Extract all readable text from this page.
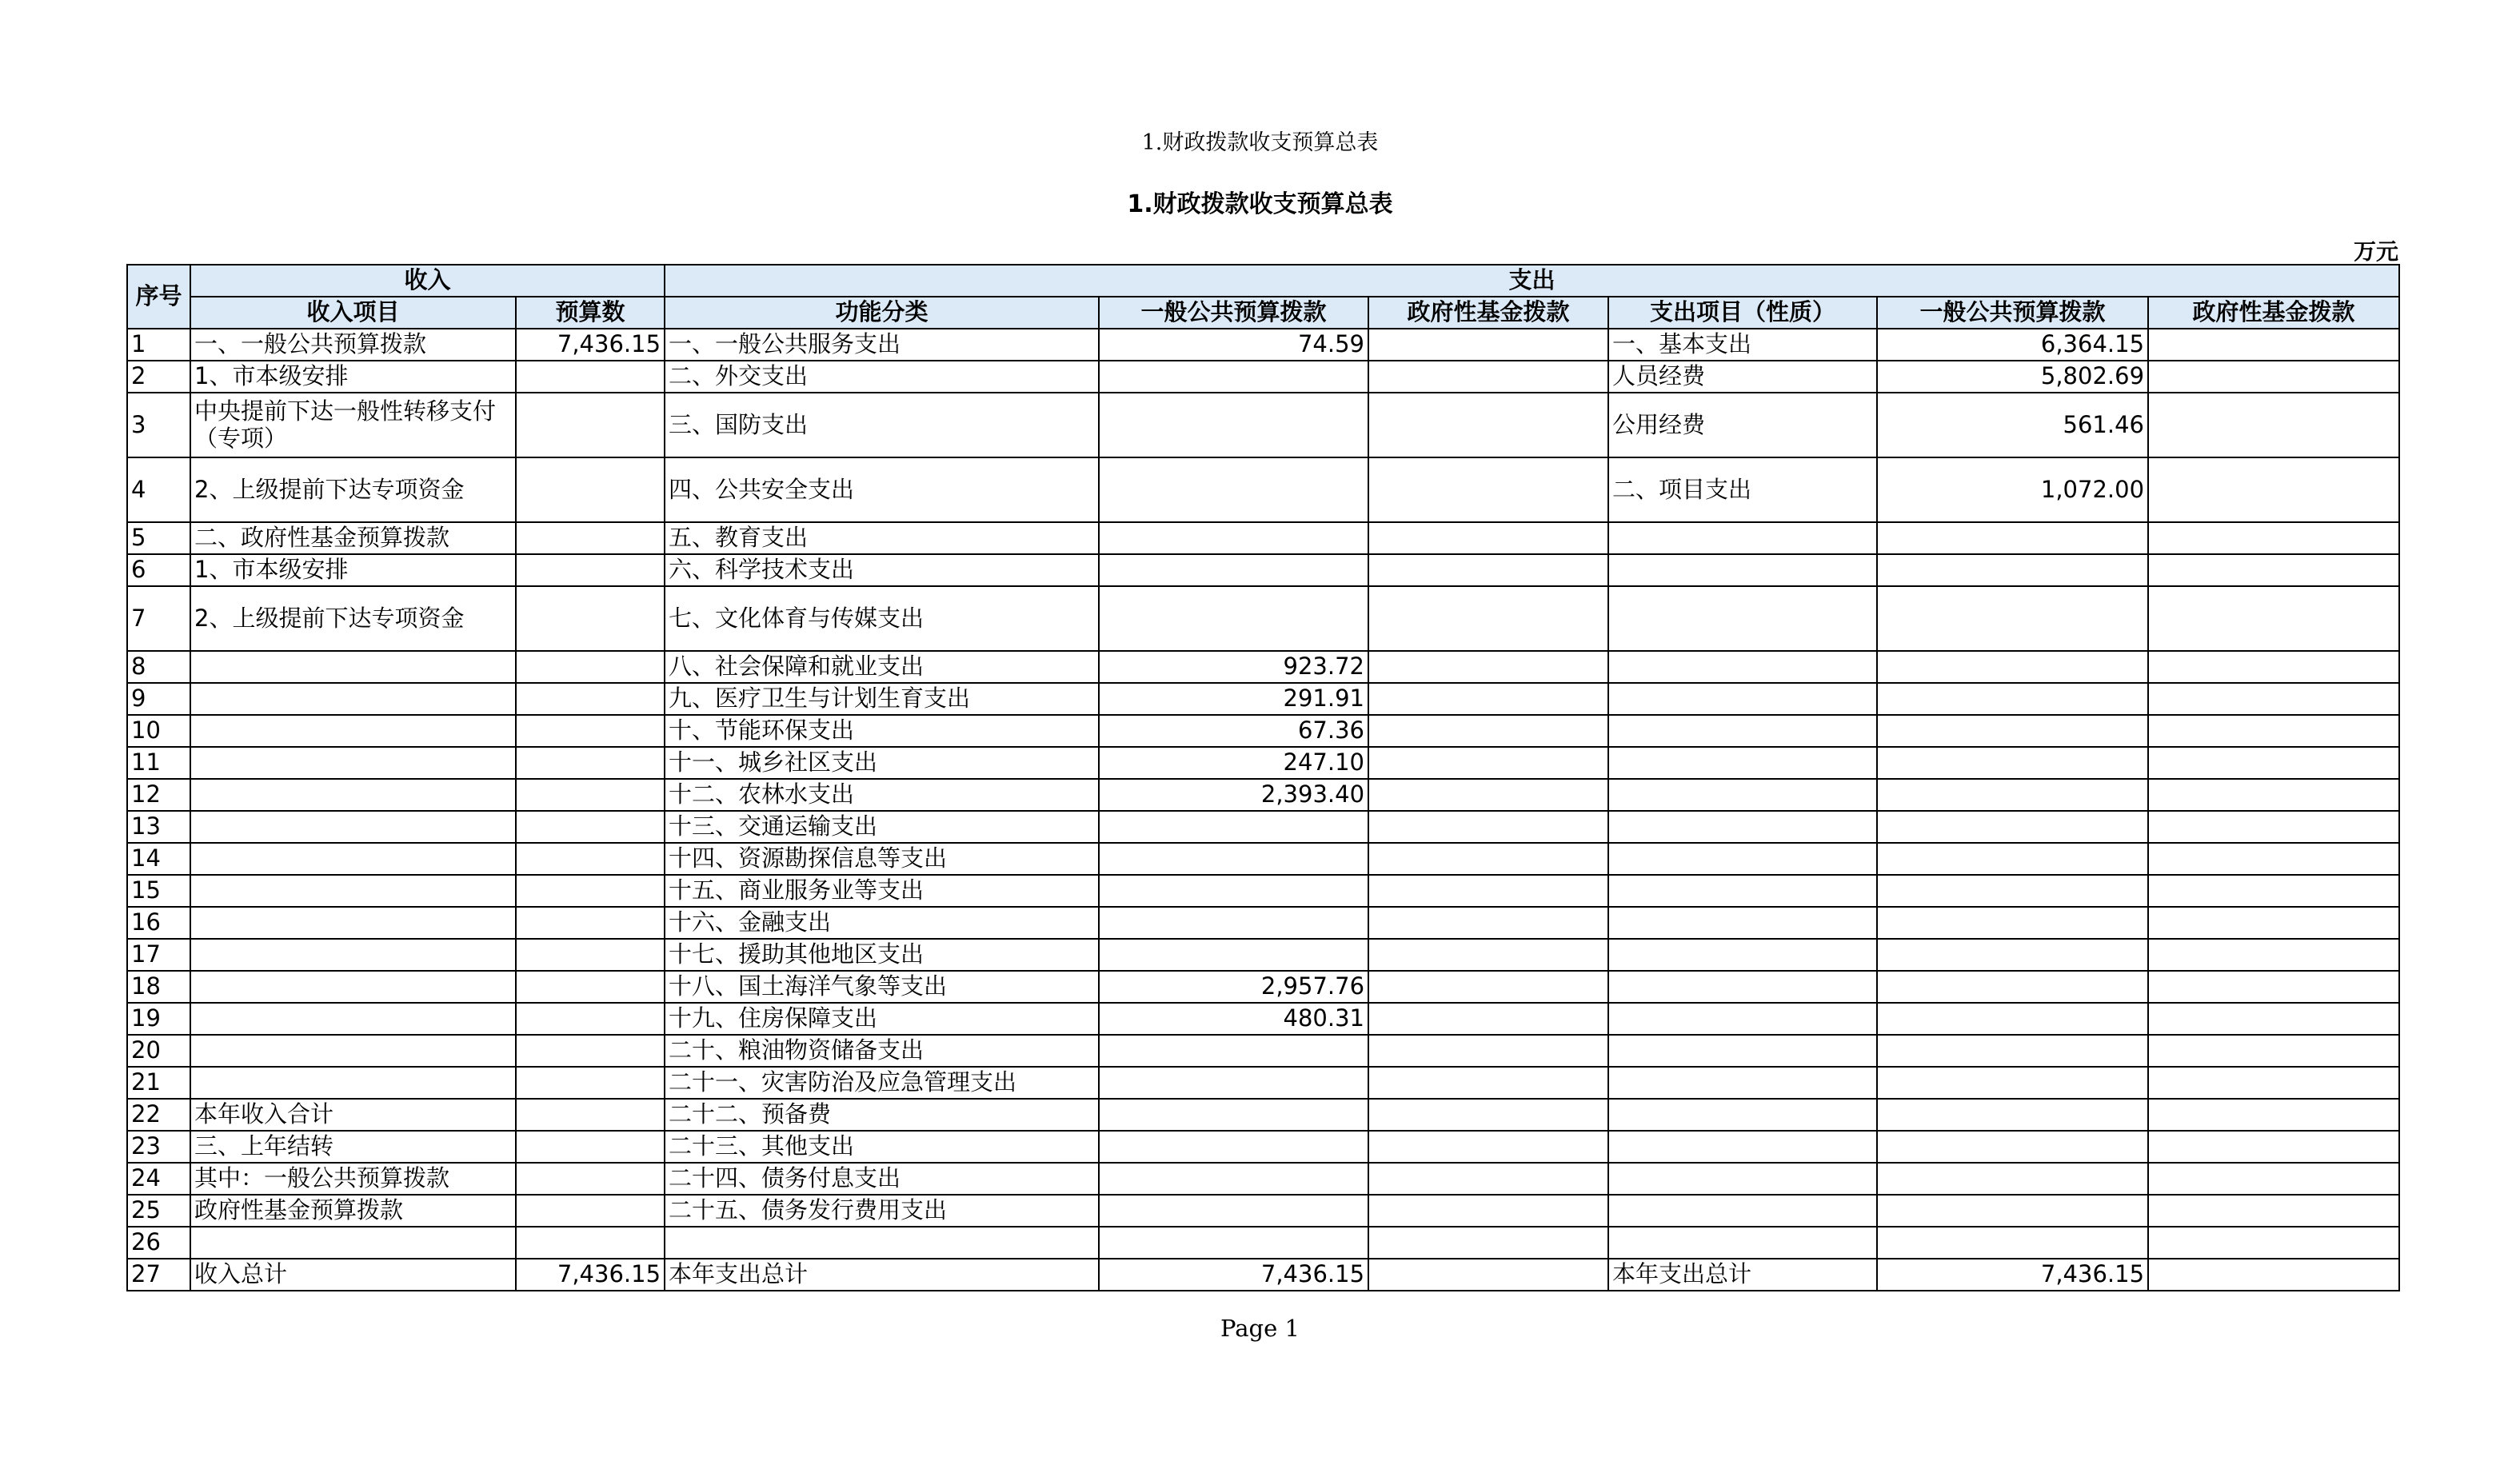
1.财政拨款收支预算总表
1.财政拨款收支预算总表
万元
序号	收入		支出					
	收入项目	预算数	功能分类	一般公共预算拨款	政府性基金拨款	支出项目（性质）	一般公共预算拨款	政府性基金拨款
1	一、一般公共预算拨款	7,436.15	一、一般公共服务支出	74.59		一、基本支出	6,364.15	
2	1、市本级安排		二、外交支出			人员经费	5,802.69	
3	中央提前下达一般性转移支付（专项）		三、国防支出			公用经费	561.46	
4	2、上级提前下达专项资金		四、公共安全支出			二、项目支出	1,072.00	
5	二、政府性基金预算拨款		五、教育支出					
6	1、市本级安排		六、科学技术支出					
7	2、上级提前下达专项资金		七、文化体育与传媒支出					
8			八、社会保障和就业支出	923.72				
9			九、医疗卫生与计划生育支出	291.91				
10			十、节能环保支出	67.36				
11			十一、城乡社区支出	247.10				
12			十二、农林水支出	2,393.40				
13			十三、交通运输支出					
14			十四、资源勘探信息等支出					
15			十五、商业服务业等支出					
16			十六、金融支出					
17			十七、援助其他地区支出					
18			十八、国土海洋气象等支出	2,957.76				
19			十九、住房保障支出	480.31				
20			二十、粮油物资储备支出					
21			二十一、灾害防治及应急管理支出					
22	本年收入合计		二十二、预备费					
23	三、上年结转		二十三、其他支出					
24	其中：一般公共预算拨款		二十四、债务付息支出					
25	政府性基金预算拨款		二十五、债务发行费用支出					
26								
27	收入总计	7,436.15	本年支出总计	7,436.15		本年支出总计	7,436.15	
Page 1
